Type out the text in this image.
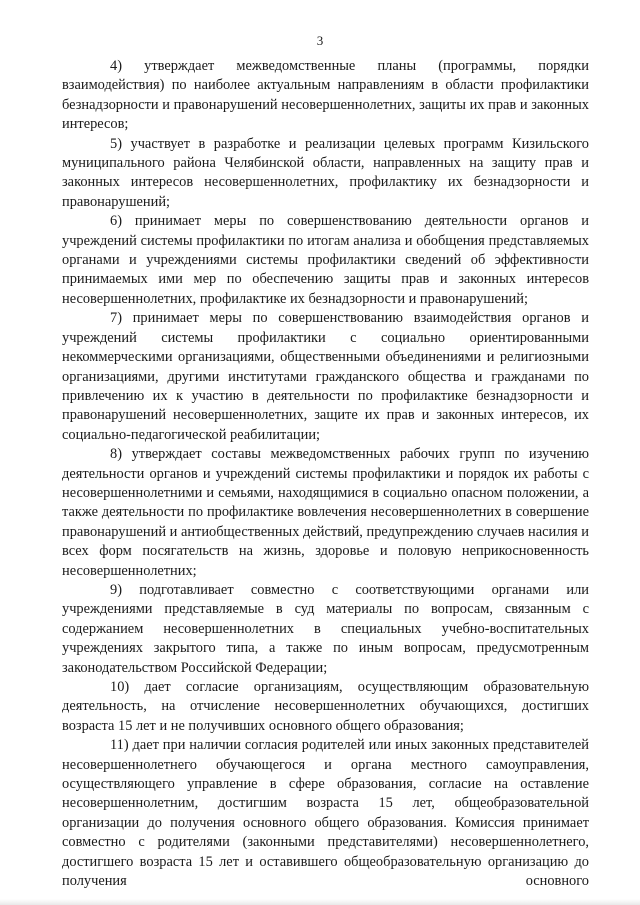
3

4) утверждает межведомственные планы (программы, порядки взаимодействия) по наиболее актуальным направлениям в области профилактики безнадзорности и правонарушений несовершеннолетних, защиты их прав и законных интересов;

5) участвует в разработке и реализации целевых программ Кизильского муниципального района Челябинской области, направленных на защиту прав и законных интересов несовершеннолетних, профилактику их безнадзорности и правонарушений;

6) принимает меры по совершенствованию деятельности органов и учреждений системы профилактики по итогам анализа и обобщения представляемых органами и учреждениями системы профилактики сведений об эффективности принимаемых ими мер по обеспечению защиты прав и законных интересов несовершеннолетних, профилактике их безнадзорности и правонарушений;

7) принимает меры по совершенствованию взаимодействия органов и учреждений системы профилактики с социально ориентированными некоммерческими организациями, общественными объединениями и религиозными организациями, другими институтами гражданского общества и гражданами по привлечению их к участию в деятельности по профилактике безнадзорности и правонарушений несовершеннолетних, защите их прав и законных интересов, их социально-педагогической реабилитации;

8) утверждает составы межведомственных рабочих групп по изучению деятельности органов и учреждений системы профилактики и порядок их работы с несовершеннолетними и семьями, находящимися в социально опасном положении, а также деятельности по профилактике вовлечения несовершеннолетних в совершение правонарушений и антиобщественных действий, предупреждению случаев насилия и всех форм посягательств на жизнь, здоровье и половую неприкосновенность несовершеннолетних;

9) подготавливает совместно с соответствующими органами или учреждениями представляемые в суд материалы по вопросам, связанным с содержанием несовершеннолетних в специальных учебно-воспитательных учреждениях закрытого типа, а также по иным вопросам, предусмотренным законодательством Российской Федерации;

10) дает согласие организациям, осуществляющим образовательную деятельность, на отчисление несовершеннолетних обучающихся, достигших возраста 15 лет и не получивших основного общего образования;

11) дает при наличии согласия родителей или иных законных представителей несовершеннолетнего обучающегося и органа местного самоуправления, осуществляющего управление в сфере образования, согласие на оставление несовершеннолетним, достигшим возраста 15 лет, общеобразовательной организации до получения основного общего образования. Комиссия принимает совместно с родителями (законными представителями) несовершеннолетнего, достигшего возраста 15 лет и оставившего общеобразовательную организацию до получения основного
